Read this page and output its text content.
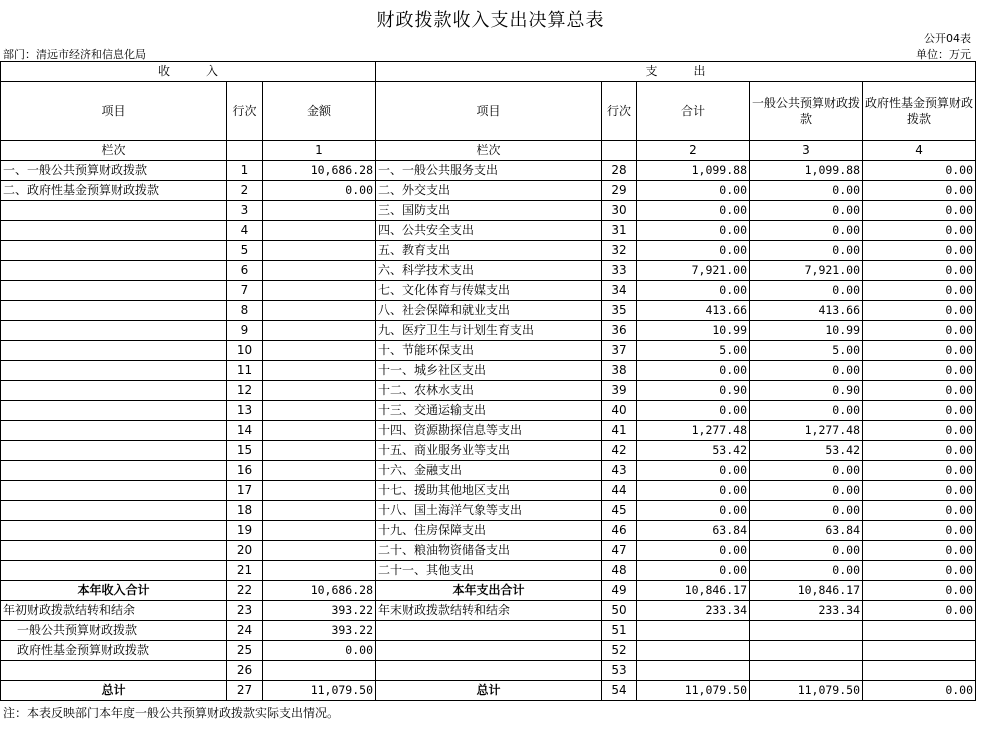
财政拨款收入支出决算总表
公开04表
部门：清远市经济和信息化局	单位：万元
收　　　入			支　　　出				
项目	行次	金额	项目	行次	合计	一般公共预算财政拨款	政府性基金预算财政拨款
栏次		1	栏次		2	3	4
一、一般公共预算财政拨款	1	10,686.28	一、一般公共服务支出	28	1,099.88	1,099.88	0.00
二、政府性基金预算财政拨款	2	0.00	二、外交支出	29	0.00	0.00	0.00
	3		三、国防支出	30	0.00	0.00	0.00
	4		四、公共安全支出	31	0.00	0.00	0.00
	5		五、教育支出	32	0.00	0.00	0.00
	6		六、科学技术支出	33	7,921.00	7,921.00	0.00
	7		七、文化体育与传媒支出	34	0.00	0.00	0.00
	8		八、社会保障和就业支出	35	413.66	413.66	0.00
	9		九、医疗卫生与计划生育支出	36	10.99	10.99	0.00
	10		十、节能环保支出	37	5.00	5.00	0.00
	11		十一、城乡社区支出	38	0.00	0.00	0.00
	12		十二、农林水支出	39	0.90	0.90	0.00
	13		十三、交通运输支出	40	0.00	0.00	0.00
	14		十四、资源勘探信息等支出	41	1,277.48	1,277.48	0.00
	15		十五、商业服务业等支出	42	53.42	53.42	0.00
	16		十六、金融支出	43	0.00	0.00	0.00
	17		十七、援助其他地区支出	44	0.00	0.00	0.00
	18		十八、国土海洋气象等支出	45	0.00	0.00	0.00
	19		十九、住房保障支出	46	63.84	63.84	0.00
	20		二十、粮油物资储备支出	47	0.00	0.00	0.00
	21		二十一、其他支出	48	0.00	0.00	0.00
本年收入合计	22	10,686.28	本年支出合计	49	10,846.17	10,846.17	0.00
年初财政拨款结转和结余	23	393.22	年末财政拨款结转和结余	50	233.34	233.34	0.00
一般公共预算财政拨款	24	393.22		51			
政府性基金预算财政拨款	25	0.00		52			
	26			53			
总计	27	11,079.50	总计	54	11,079.50	11,079.50	0.00
注：本表反映部门本年度一般公共预算财政拨款实际支出情况。
